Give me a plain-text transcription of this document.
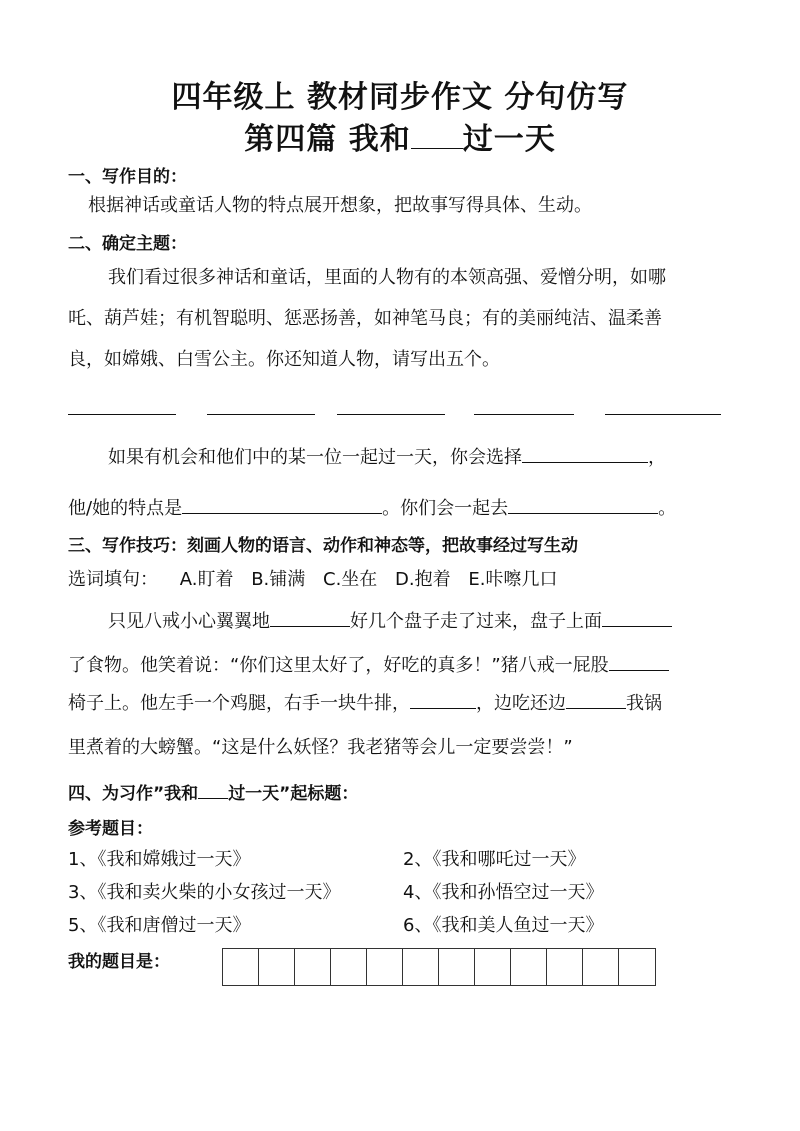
四年级上 教材同步作文 分句仿写
第四篇 我和 过一天
一、写作目的：
根据神话或童话人物的特点展开想象，把故事写得具体、生动。
二、确定主题：
我们看过很多神话和童话，里面的人物有的本领高强、爱憎分明，如哪
吒、葫芦娃；有机智聪明、惩恶扬善，如神笔马良；有的美丽纯洁、温柔善
良，如嫦娥、白雪公主。你还知道人物，请写出五个。
如果有机会和他们中的某一位一起过一天，你会选择	，
他/她的特点是	。你们会一起去	。
三、写作技巧：刻画人物的语言、动作和神态等，把故事经过写生动
选词填句： A.盯着 B.铺满 C.坐在 D.抱着 E.咔嚓几口
只见八戒小心翼翼地	好几个盘子走了过来，盘子上面
了食物。他笑着说：“你们这里太好了，好吃的真多！”猪八戒一屁股
椅子上。他左手一个鸡腿，右手一块牛排，	，边吃还边	我锅
里煮着的大螃蟹。“这是什么妖怪？我老猪等会儿一定要尝尝！”
四、为习作”我和 过一天”起标题：
参考题目：
1、《我和嫦娥过一天》	2、《我和哪吒过一天》
3、《我和卖火柴的小女孩过一天》	4、《我和孙悟空过一天》
5、《我和唐僧过一天》	6、《我和美人鱼过一天》
我的题目是：
